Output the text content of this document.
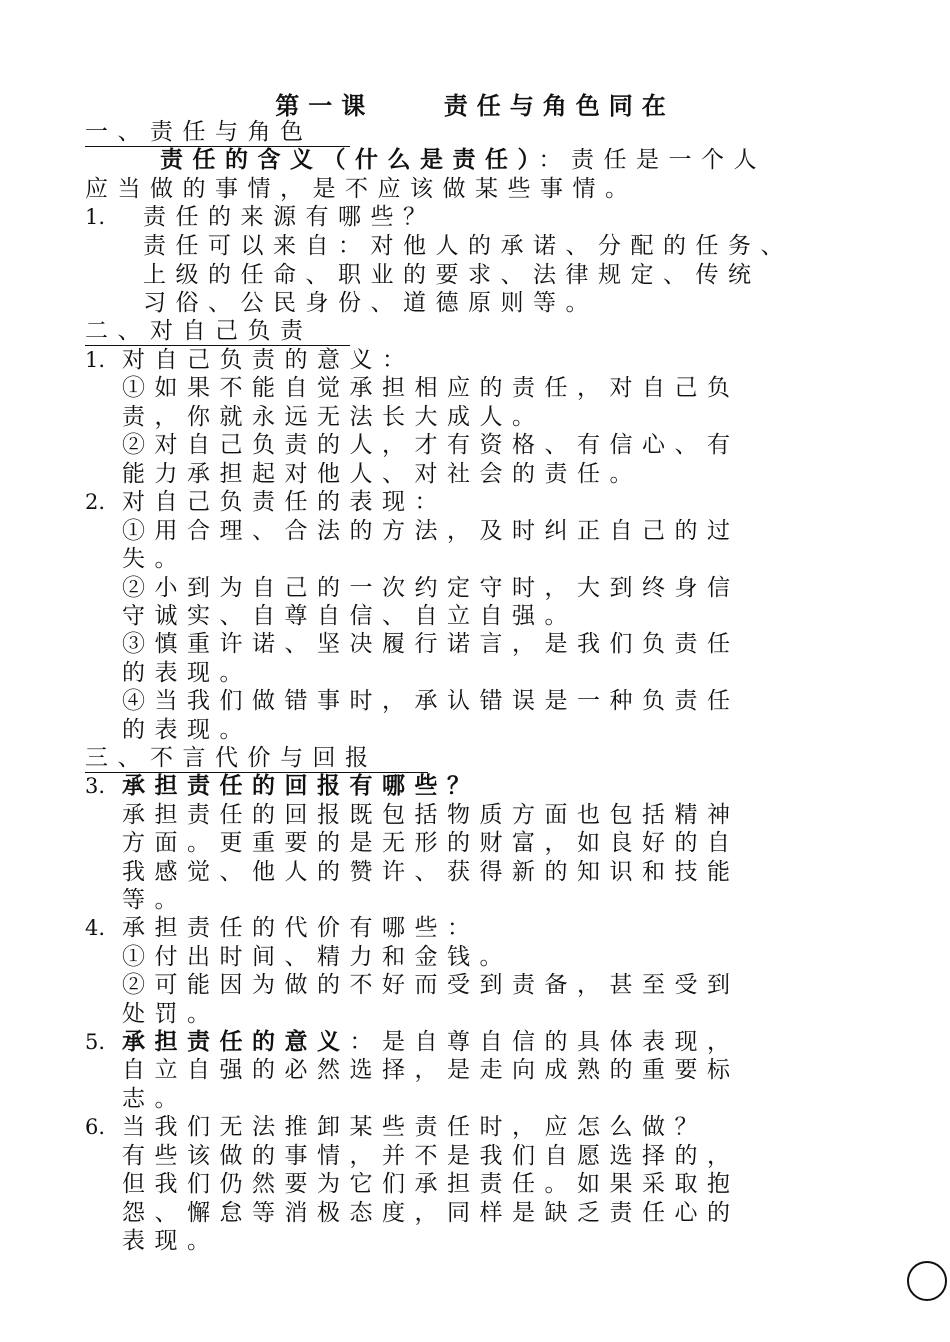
第一课    责任与角色同在
一、责任与角色
责任的含义（什么是责任）：责任是一个人
应当做的事情，是不应该做某些事情。
1. 责任的来源有哪些？
责任可以来自：对他人的承诺、分配的任务、
上级的任命、职业的要求、法律规定、传统
习俗、公民身份、道德原则等。
二、对自己负责
1. 对自己负责的意义：
①如果不能自觉承担相应的责任，对自己负
责，你就永远无法长大成人。
②对自己负责的人，才有资格、有信心、有
能力承担起对他人、对社会的责任。
2. 对自己负责任的表现：
①用合理、合法的方法，及时纠正自己的过
失。
②小到为自己的一次约定守时，大到终身信
守诚实、自尊自信、自立自强。
③慎重许诺、坚决履行诺言，是我们负责任
的表现。
④当我们做错事时，承认错误是一种负责任
的表现。
三、不言代价与回报
3. 承担责任的回报有哪些？
承担责任的回报既包括物质方面也包括精神
方面。更重要的是无形的财富，如良好的自
我感觉、他人的赞许、获得新的知识和技能
等。
4. 承担责任的代价有哪些：
①付出时间、精力和金钱。
②可能因为做的不好而受到责备，甚至受到
处罚。
5. 承担责任的意义：是自尊自信的具体表现，
自立自强的必然选择，是走向成熟的重要标
志。
6. 当我们无法推卸某些责任时，应怎么做？
有些该做的事情，并不是我们自愿选择的，
但我们仍然要为它们承担责任。如果采取抱
怨、懈怠等消极态度，同样是缺乏责任心的
表现。
